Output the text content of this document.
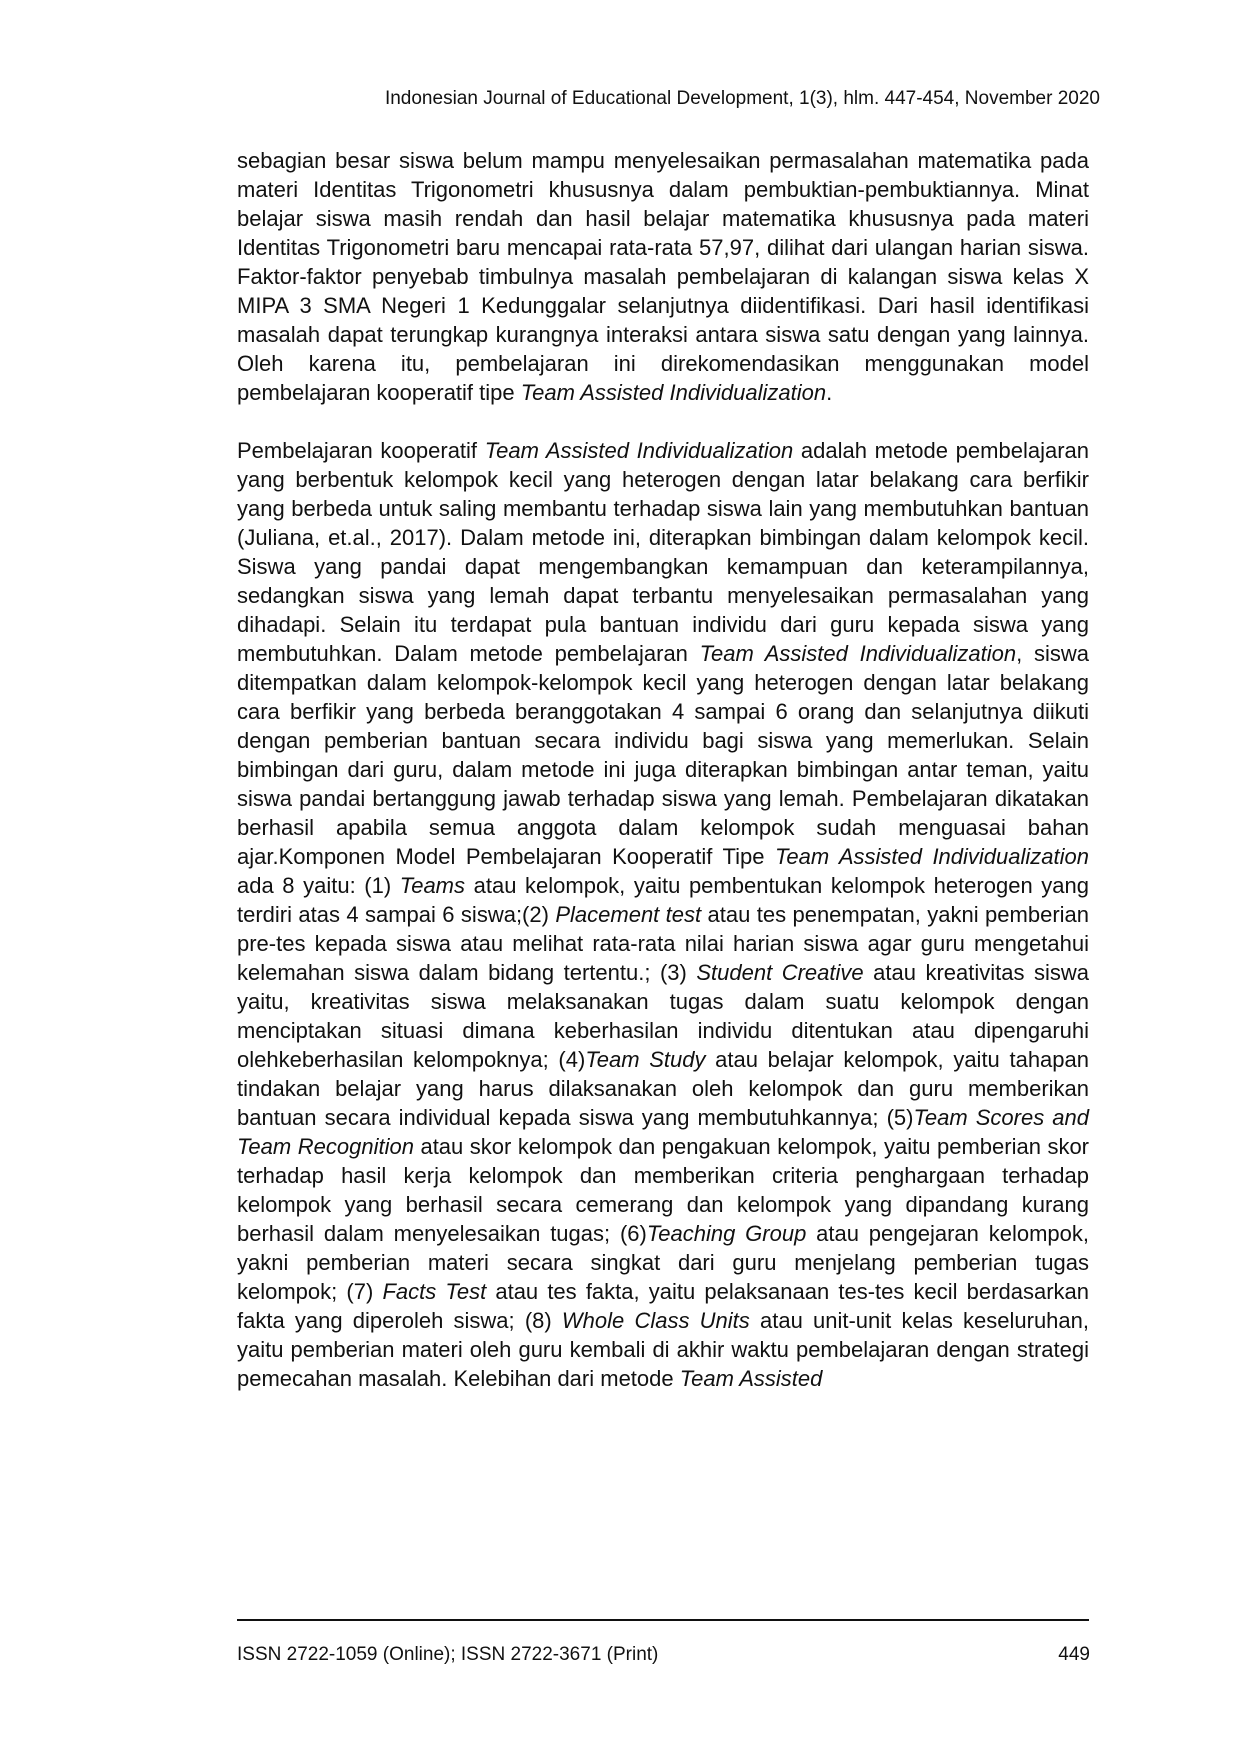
Indonesian Journal of Educational Development, 1(3), hlm. 447-454, November 2020

sebagian besar siswa belum mampu menyelesaikan permasalahan matematika pada materi Identitas Trigonometri khususnya dalam pembuktian-pembuktiannya. Minat belajar siswa masih rendah dan hasil belajar matematika khususnya pada materi Identitas Trigonometri baru mencapai rata-rata 57,97, dilihat dari ulangan harian siswa. Faktor-faktor penyebab timbulnya masalah pembelajaran di kalangan siswa kelas X MIPA 3 SMA Negeri 1 Kedunggalar selanjutnya diidentifikasi. Dari hasil identifikasi masalah dapat terungkap kurangnya interaksi antara siswa satu dengan yang lainnya. Oleh karena itu, pembelajaran ini direkomendasikan menggunakan model pembelajaran kooperatif tipe Team Assisted Individualization.

Pembelajaran kooperatif Team Assisted Individualization adalah metode pembelajaran yang berbentuk kelompok kecil yang heterogen dengan latar belakang cara berfikir yang berbeda untuk saling membantu terhadap siswa lain yang membutuhkan bantuan (Juliana, et.al., 2017). Dalam metode ini, diterapkan bimbingan dalam kelompok kecil. Siswa yang pandai dapat mengembangkan kemampuan dan keterampilannya, sedangkan siswa yang lemah dapat terbantu menyelesaikan permasalahan yang dihadapi. Selain itu terdapat pula bantuan individu dari guru kepada siswa yang membutuhkan. Dalam metode pembelajaran Team Assisted Individualization, siswa ditempatkan dalam kelompok-kelompok kecil yang heterogen dengan latar belakang cara berfikir yang berbeda beranggotakan 4 sampai 6 orang dan selanjutnya diikuti dengan pemberian bantuan secara individu bagi siswa yang memerlukan. Selain bimbingan dari guru, dalam metode ini juga diterapkan bimbingan antar teman, yaitu siswa pandai bertanggung jawab terhadap siswa yang lemah. Pembelajaran dikatakan berhasil apabila semua anggota dalam kelompok sudah menguasai bahan ajar.Komponen Model Pembelajaran Kooperatif Tipe Team Assisted Individualization ada 8 yaitu: (1) Teams atau kelompok, yaitu pembentukan kelompok heterogen yang terdiri atas 4 sampai 6 siswa;(2) Placement test atau tes penempatan, yakni pemberian pre-tes kepada siswa atau melihat rata-rata nilai harian siswa agar guru mengetahui kelemahan siswa dalam bidang tertentu.; (3) Student Creative atau kreativitas siswa yaitu, kreativitas siswa melaksanakan tugas dalam suatu kelompok dengan menciptakan situasi dimana keberhasilan individu ditentukan atau dipengaruhi olehkeberhasilan kelompoknya; (4)Team Study atau belajar kelompok, yaitu tahapan tindakan belajar yang harus dilaksanakan oleh kelompok dan guru memberikan bantuan secara individual kepada siswa yang membutuhkannya; (5)Team Scores and Team Recognition atau skor kelompok dan pengakuan kelompok, yaitu pemberian skor terhadap hasil kerja kelompok dan memberikan criteria penghargaan terhadap kelompok yang berhasil secara cemerang dan kelompok yang dipandang kurang berhasil dalam menyelesaikan tugas; (6)Teaching Group atau pengejaran kelompok, yakni pemberian materi secara singkat dari guru menjelang pemberian tugas kelompok; (7) Facts Test atau tes fakta, yaitu pelaksanaan tes-tes kecil berdasarkan fakta yang diperoleh siswa; (8) Whole Class Units atau unit-unit kelas keseluruhan, yaitu pemberian materi oleh guru kembali di akhir waktu pembelajaran dengan strategi pemecahan masalah. Kelebihan dari metode Team Assisted

ISSN 2722-1059 (Online); ISSN 2722-3671 (Print)	449
